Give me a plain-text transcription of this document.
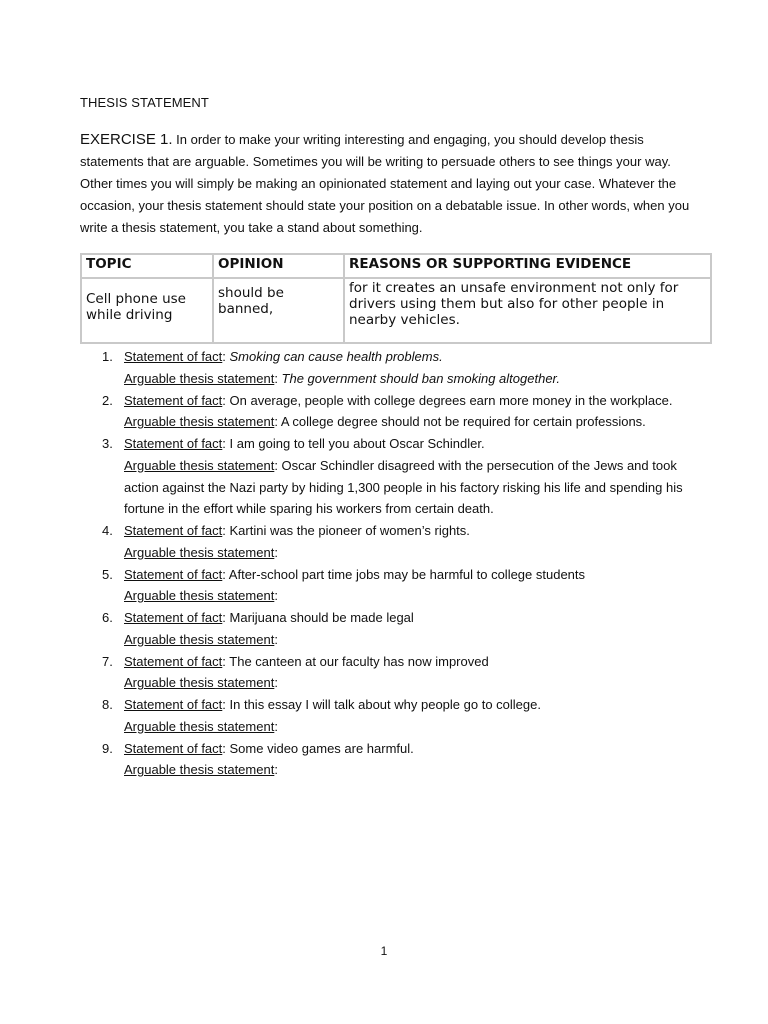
THESIS STATEMENT
EXERCISE 1. In order to make your writing interesting and engaging, you should develop thesis statements that are arguable. Sometimes you will be writing to persuade others to see things your way. Other times you will simply be making an opinionated statement and laying out your case. Whatever the occasion, your thesis statement should state your position on a debatable issue. In other words, when you write a thesis statement, you take a stand about something.
TOPIC	OPINION	REASONS OR SUPPORTING EVIDENCE
Cell phone use while driving	should be banned,	for it creates an unsafe environment not only for drivers using them but also for other people in nearby vehicles.
1. Statement of fact: Smoking can cause health problems.
Arguable thesis statement: The government should ban smoking altogether.
2. Statement of fact: On average, people with college degrees earn more money in the workplace.
Arguable thesis statement: A college degree should not be required for certain professions.
3. Statement of fact: I am going to tell you about Oscar Schindler.
Arguable thesis statement: Oscar Schindler disagreed with the persecution of the Jews and took action against the Nazi party by hiding 1,300 people in his factory risking his life and spending his fortune in the effort while sparing his workers from certain death.
4. Statement of fact: Kartini was the pioneer of women’s rights.
Arguable thesis statement:
5. Statement of fact: After-school part time jobs may be harmful to college students
Arguable thesis statement:
6. Statement of fact: Marijuana should be made legal
Arguable thesis statement:
7. Statement of fact: The canteen at our faculty has now improved
Arguable thesis statement:
8. Statement of fact: In this essay I will talk about why people go to college.
Arguable thesis statement:
9. Statement of fact: Some video games are harmful.
Arguable thesis statement:
1
